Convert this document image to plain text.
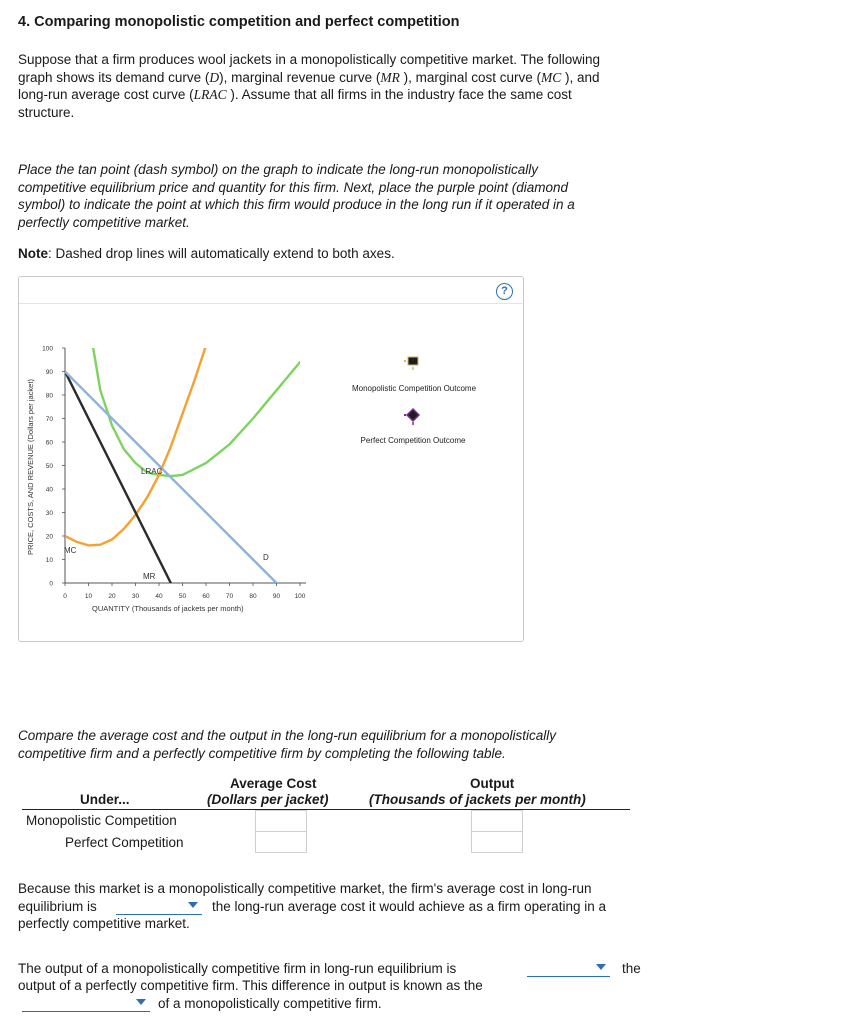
4. Comparing monopolistic competition and perfect competition
Suppose that a firm produces wool jackets in a monopolistically competitive market. The following
graph shows its demand curve (D), marginal revenue curve (MR ), marginal cost curve (MC ), and
long-run average cost curve (LRAC ). Assume that all firms in the industry face the same cost
structure.
Place the tan point (dash symbol) on the graph to indicate the long-run monopolistically
competitive equilibrium price and quantity for this firm. Next, place the purple point (diamond
symbol) to indicate the point at which this firm would produce in the long run if it operated in a
perfectly competitive market.
Note: Dashed drop lines will automatically extend to both axes.
?
0	10	20	30	40	50	60	70	80	90 100
0
10
20
30
40
50
60
70
80
90
100
PRICE, COSTS, AND REVENUE (Dollars per jacket)
QUANTITY (Thousands of jackets per month)
LRAC
MC
MR
D
Monopolistic Competition Outcome
Perfect Competition Outcome
Compare the average cost and the output in the long-run equilibrium for a monopolistically
competitive firm and a perfectly competitive firm by completing the following table.
Average Cost	Output
Under...	(Dollars per jacket)	(Thousands of jackets per month)
Monopolistic Competition
Perfect Competition
Because this market is a monopolistically competitive market, the firm's average cost in long-run
equilibrium is	the long-run average cost it would achieve as a firm operating in a
perfectly competitive market.
The output of a monopolistically competitive firm in long-run equilibrium is	the
output of a perfectly competitive firm. This difference in output is known as the
of a monopolistically competitive firm.
